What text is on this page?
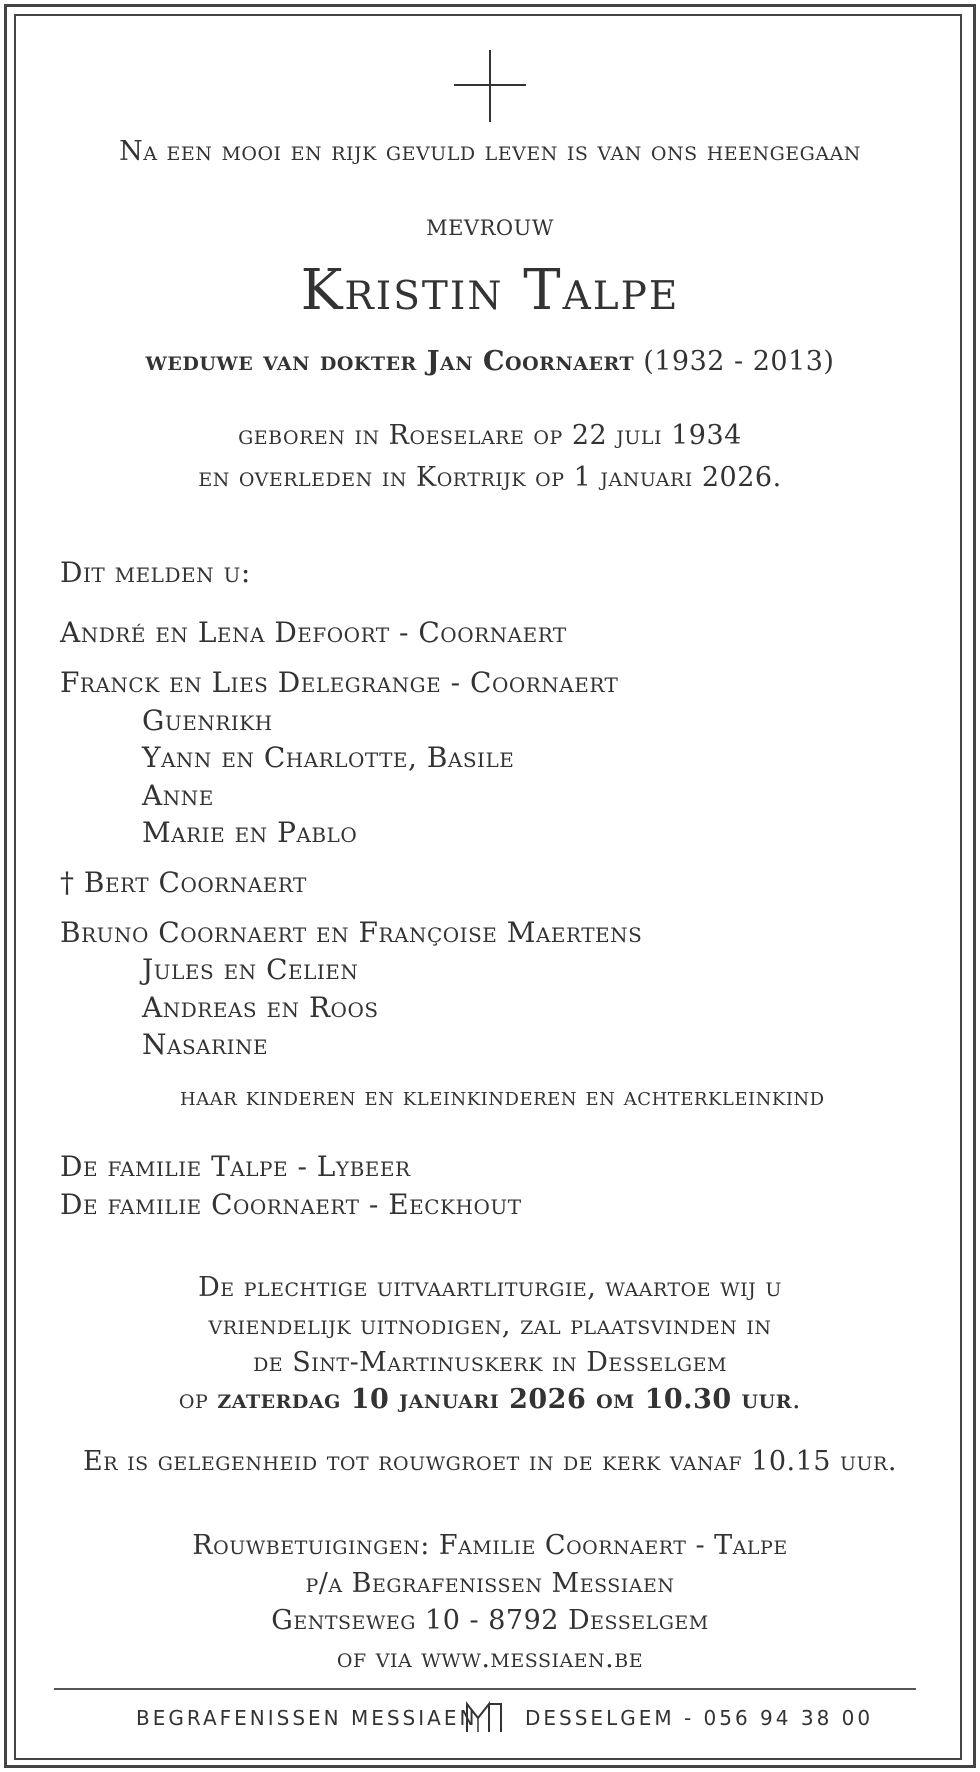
Na een mooi en rijk gevuld leven is van ons heengegaan
mevrouw
Kristin Talpe
weduwe van dokter Jan Coornaert (1932 - 2013)
geboren in Roeselare op 22 juli 1934
en overleden in Kortrijk op 1 januari 2026.
Dit melden u:
André en Lena Defoort - Coornaert
Franck en Lies Delegrange - Coornaert
Guenrikh
Yann en Charlotte, Basile
Anne
Marie en Pablo
† Bert Coornaert
Bruno Coornaert en Françoise Maertens
Jules en Celien
Andreas en Roos
Nasarine
haar kinderen en kleinkinderen en achterkleinkind
De familie Talpe - Lybeer
De familie Coornaert - Eeckhout
De plechtige uitvaartliturgie, waartoe wij u
vriendelijk uitnodigen, zal plaatsvinden in
de Sint-Martinuskerk in Desselgem
op zaterdag 10 januari 2026 om 10.30 uur.
Er is gelegenheid tot rouwgroet in de kerk vanaf 10.15 uur.
Rouwbetuigingen: Familie Coornaert - Talpe
p/a Begrafenissen Messiaen
Gentseweg 10 - 8792 Desselgem
of via www.messiaen.be
BEGRAFENISSEN MESSIAEN DESSELGEM - 056 94 38 00
